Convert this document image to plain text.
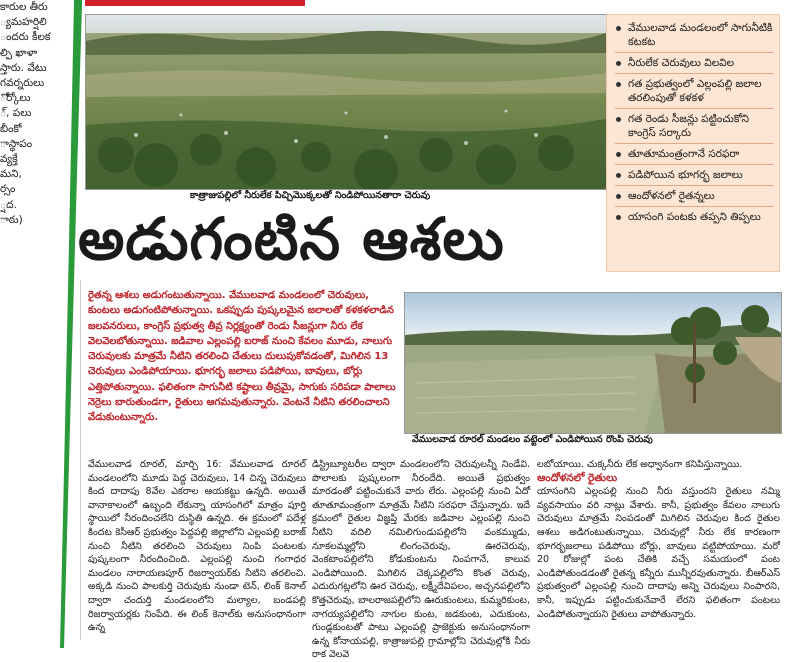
కారుల తీరు
్యమహర్షిలి
ందరు కీలక
ల్పి ఖాళా
స్తారు. వేటు
గవర్నరులు
ోర్కోలు
్, పలు
బీంకో
ాస్థాపం
వ్యక్తే
మని,
ర్సం
్షద.
ాఠు)
కాత్రాజుపల్లిలో నీరులేక పిచ్చిమొక్కలతో నిండిపోయినతారా చెరువు
అడుగంటిన ఆశలు
వేములవాడ మండలంలో సాగునీటికి కటకట
నీరులేక చెరువులు విలవిల
గత ప్రభుత్వంలో ఎల్లంపల్లి జలాల తరలింపుతో కళకళ
గత రెండు సీజన్లు పట్టించుకోని కాంగ్రెస్ సర్కారు
తూతూమంత్రంగానే సరఫరా
పడిపోయిన భూగర్భ జలాలు
ఆందోళనలో రైతన్నలు
యాసంగి పంటకు తప్పని తిప్పలు
రైతన్న ఆశలు అడుగంటుతున్నాయి. వేములవాడ మండలంలో చెరువులు, కుంటలు అడుగంటిపోతున్నాయి. ఒకప్పుడు పుష్కలమైన జలాలతో కళకళలాడిన జలవనరులు, కాంగ్రెస్ ప్రభుత్వ తీవ్ర నిర్లక్ష్యంతో రెండు సీజన్లుగా నీరు లేక వెలవెలబోతున్నాయి. జడివాల ఎల్లంపల్లి బరాజ్ నుంచి కేవలం మూడు, నాలుగు చెరువులకు మాత్రమే నీటిని తరలించి చేతులు దులుపుకోవడంతో, మిగిలిన 13 చెరువులు ఎండిపోయాయి. భూగర్భ జలాలు పడిపోయి, బావులు, బోర్లు ఎత్తిపోతున్నాయి. ఫలితంగా సాగునీటి కష్టాలు తీవ్రమై, సాగుకు సరిపడా పాలాలు నెర్రెలు బారుతుండగా, రైతులు ఆగమవుతున్నారు. వెంటనే నీటిని తరలించాలని వేడుకుంటున్నారు.
వేములవాడ రూరల్ మండలం వట్టెంలో ఎండిపోయిన రొంపి చెరువు
వేములవాడ రూరల్, మార్చి 16: వేములవాడ రూరల్ మండలంలోని మూడు పెద్ద చెరువులు, 14 చిన్న చెరువులు కింద దాదాపు 8వేల ఎకరాల ఆయకట్టు ఉన్నది. అయితే వానాకాలంలో ఉబ్బంది లేకున్నా యాసంగిలో మాత్రం పూర్తి స్థాయిలో నీరందించలేని దుస్థితి ఉన్నది. ఈ క్రమంలో పదేళ్ల కిందట కెసీఆర్ ప్రభుత్వం పెద్దపల్లి జిల్లాలోని ఎల్లంపల్లి బరాజ్ నుంచి నీటిని తరలించి చెరువులు నింపి పంటలకు పుష్కలంగా నీరందించింది. ఎల్లంపల్లి నుంచి గంగాధర మండలం నారాయణపూర్ రిజర్వాయర్‌కు నీటిని తరలించి. అక్కడి నుంచి పాలకుర్తి చెరువుకు నుండా టెన్, లింక్ కెనాల్ ద్వారా చందుర్తి మండలంలోని మల్యాల, బండపల్లి రిజర్వాయర్లకు నింపేది. ఈ లింక్ కెనాల్‌కు అనుసంధానంగా ఉన్న
డిస్ట్రిబ్యూటరీల ద్వారా మండలంలోని చెరువులన్నీ నిండేవి. పొలాలకు పుష్కలంగా నీరందేది. అయితే ప్రభుత్వం మారడంతో పట్టించుకునే వారు లేరు. ఎల్లంపల్లి నుంచి ఏదో తూతూమంత్రంగా మాత్రమే నీటిని సరఫరా చేస్తున్నారు. ఇదే క్రమంలో రైతుల విజ్ఞప్తి మేరకు జడివాల ఎల్లంపల్లి నుంచి నీటిని వదిలి నమిలిగుండుపల్లిలోని వంకమ్ముడు, నూకలమ్మల్లోని లింగంచెరువు, ఊరచెరువు, వెంకటాంపల్లిలోని కోడుకుంటను నింపగానే, కాలువ ఎండిపోయింది. మిగిలిన చెక్కపల్లిలోని కొంత చెరువు, ఎదురుగట్లలోని ఊర చెరువు, లక్ష్మీదేవిపలం, అచ్చనపల్లిలోని కొత్తచెరువు, బాలరాజపల్లిలోని ఊరుకుంటలు, కుమ్మరికుంట, నాగయ్యపల్లిలోని నాగుల కుంట, జడకుంట, ఎదుకుంట, గుండ్లకుంటతో పాటు ఎల్లంపల్లి ప్రాజెక్టుకు అనుసంధానంగా ఉన్న కోనాయపల్లి, కాత్రాజుపల్లి గ్రామాల్లోని చెరువుల్లోకి నీరు రాక వెలవె
లబోయాయి. చుక్కనీరు లేక అధ్వానంగా కనిపిస్తున్నాయి.
ఆందోళనలో రైతులు
యాసంగిని ఎల్లంపల్లి నుంచి నీరు వస్తుందని రైతులు నమ్మి వ్యవసాయం వరి నాట్లు వేశారు. కానీ, ప్రభుత్వం కేవలం నాలుగు చెరువులు మాత్రమే నింపడంతో మిగిలిన చెరువుల కింద రైతుల ఆశలు అడిగంటుతున్నాయి. చెరువుల్లో నీరు లేక కారణంగా భూగర్భజలాలు పడిపోయి బోర్లు, బావులు వట్టిపోయాయి. మరో 20 రోజుల్లో పంట చేతికి వచ్చే సమయంలో పంట ఎండిపోతుండడంతో రైతన్న కన్నీరు మున్నీరవుతున్నారు. బీఆర్ఎస్ ప్రభుత్వంలో ఎల్లంపల్లి నుంచి దాదాపు అన్ని చెరువులు నింపారని, కానీ, ఇప్పుడు పట్టించుకునేవారే లేరని ఫలితంగా పంటలు ఎండిపోతున్నాయని రైతులు వాపోతున్నారు.
